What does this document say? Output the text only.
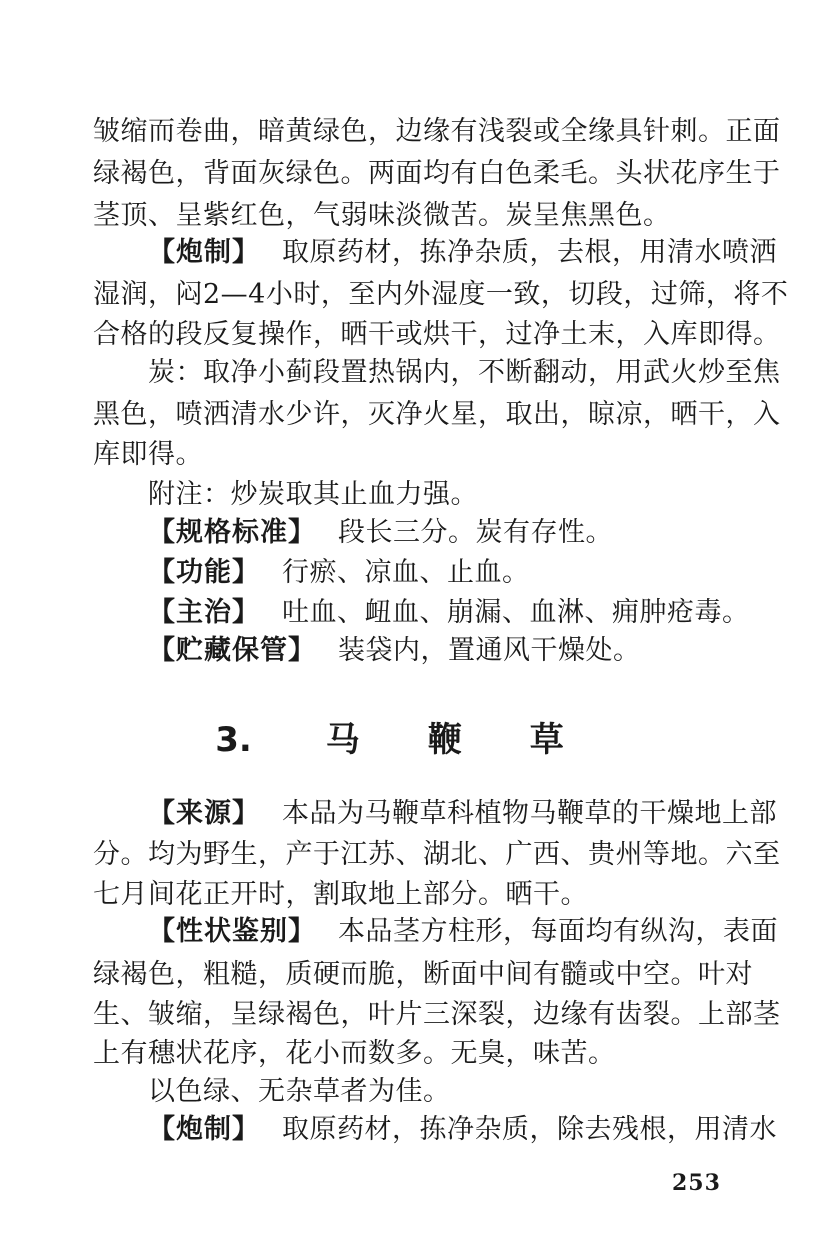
皱缩而卷曲，暗黄绿色，边缘有浅裂或全缘具针刺。正面
绿褐色，背面灰绿色。两面均有白色柔毛。头状花序生于
茎顶、呈紫红色，气弱味淡微苦。炭呈焦黑色。
【炮制】 取原药材，拣净杂质，去根，用清水喷洒
湿润，闷2—4小时，至内外湿度一致，切段，过筛，将不
合格的段反复操作，晒干或烘干，过净土末，入库即得。
炭：取净小蓟段置热锅内，不断翻动，用武火炒至焦
黑色，喷洒清水少许，灭净火星，取出，晾凉，晒干，入
库即得。
附注：炒炭取其止血力强。
【规格标准】 段长三分。炭有存性。
【功能】 行瘀、凉血、止血。
【主治】 吐血、衄血、崩漏、血淋、痈肿疮毒。
【贮藏保管】 装袋内，置通风干燥处。
3. 马 鞭 草
【来源】 本品为马鞭草科植物马鞭草的干燥地上部
分。均为野生，产于江苏、湖北、广西、贵州等地。六至
七月间花正开时，割取地上部分。晒干。
【性状鉴别】 本品茎方柱形，每面均有纵沟，表面
绿褐色，粗糙，质硬而脆，断面中间有髓或中空。叶对
生、皱缩，呈绿褐色，叶片三深裂，边缘有齿裂。上部茎
上有穗状花序，花小而数多。无臭，味苦。
以色绿、无杂草者为佳。
【炮制】 取原药材，拣净杂质，除去残根，用清水
253
